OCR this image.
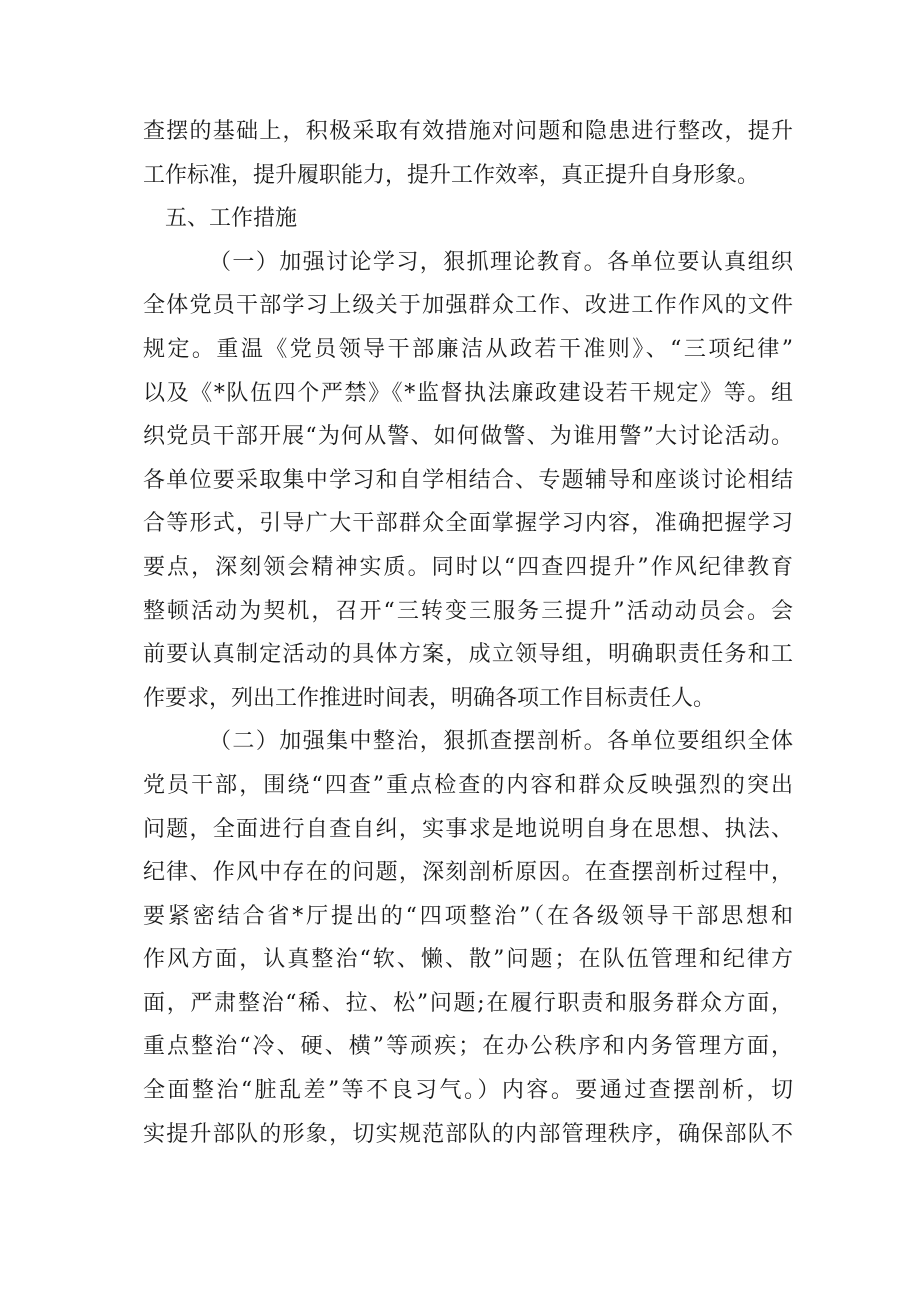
查摆的基础上，积极采取有效措施对问题和隐患进行整改，提升
工作标准，提升履职能力，提升工作效率，真正提升自身形象。
五、工作措施
（一）加强讨论学习，狠抓理论教育。各单位要认真组织
全体党员干部学习上级关于加强群众工作、改进工作作风的文件
规定。重温《党员领导干部廉洁从政若干准则》、“三项纪律”
以及《*队伍四个严禁》《*监督执法廉政建设若干规定》等。组
织党员干部开展“为何从警、如何做警、为谁用警”大讨论活动。
各单位要采取集中学习和自学相结合、专题辅导和座谈讨论相结
合等形式，引导广大干部群众全面掌握学习内容，准确把握学习
要点，深刻领会精神实质。同时以“四查四提升”作风纪律教育
整顿活动为契机，召开“三转变三服务三提升”活动动员会。会
前要认真制定活动的具体方案，成立领导组，明确职责任务和工
作要求，列出工作推进时间表，明确各项工作目标责任人。
（二）加强集中整治，狠抓查摆剖析。各单位要组织全体
党员干部，围绕“四查”重点检查的内容和群众反映强烈的突出
问题，全面进行自查自纠，实事求是地说明自身在思想、执法、
纪律、作风中存在的问题，深刻剖析原因。在查摆剖析过程中，
要紧密结合省*厅提出的“四项整治”（在各级领导干部思想和
作风方面，认真整治“软、懒、散”问题；在队伍管理和纪律方
面，严肃整治“稀、拉、松”问题;在履行职责和服务群众方面，
重点整治“冷、硬、横”等顽疾；在办公秩序和内务管理方面，
全面整治“脏乱差”等不良习气。）内容。要通过查摆剖析，切
实提升部队的形象，切实规范部队的内部管理秩序，确保部队不
